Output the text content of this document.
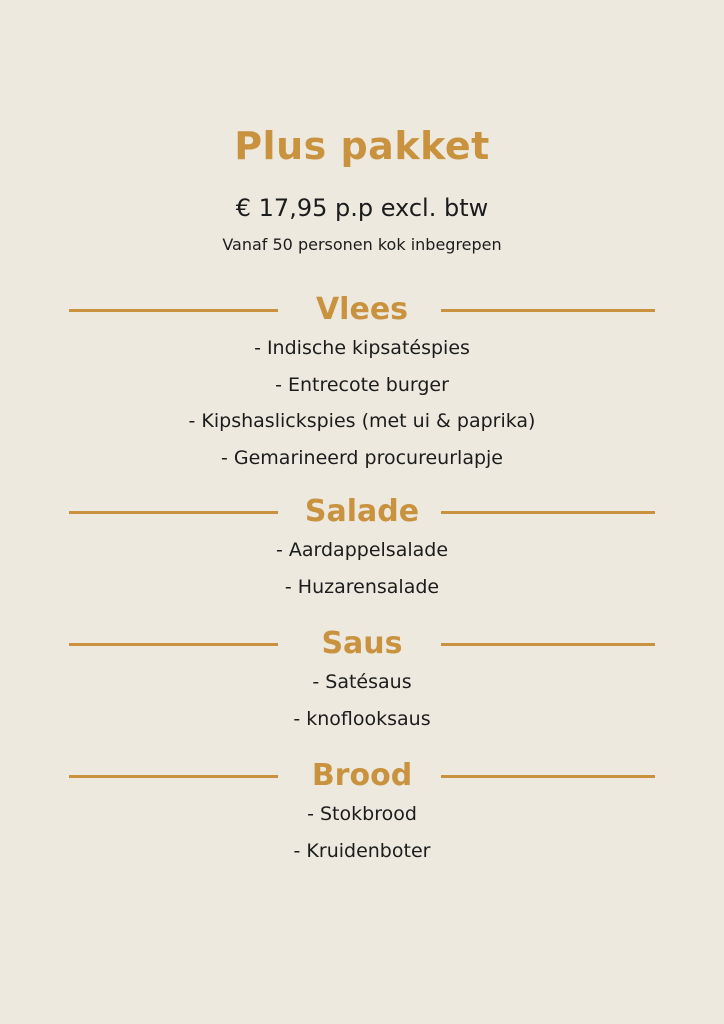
Plus pakket
€ 17,95 p.p excl. btw
Vanaf 50 personen kok inbegrepen
Vlees
- Indische kipsatéspies
- Entrecote burger
- Kipshaslickspies (met ui & paprika)
- Gemarineerd procureurlapje
Salade
- Aardappelsalade
- Huzarensalade
Saus
- Satésaus
- knoflooksaus
Brood
- Stokbrood
- Kruidenboter
